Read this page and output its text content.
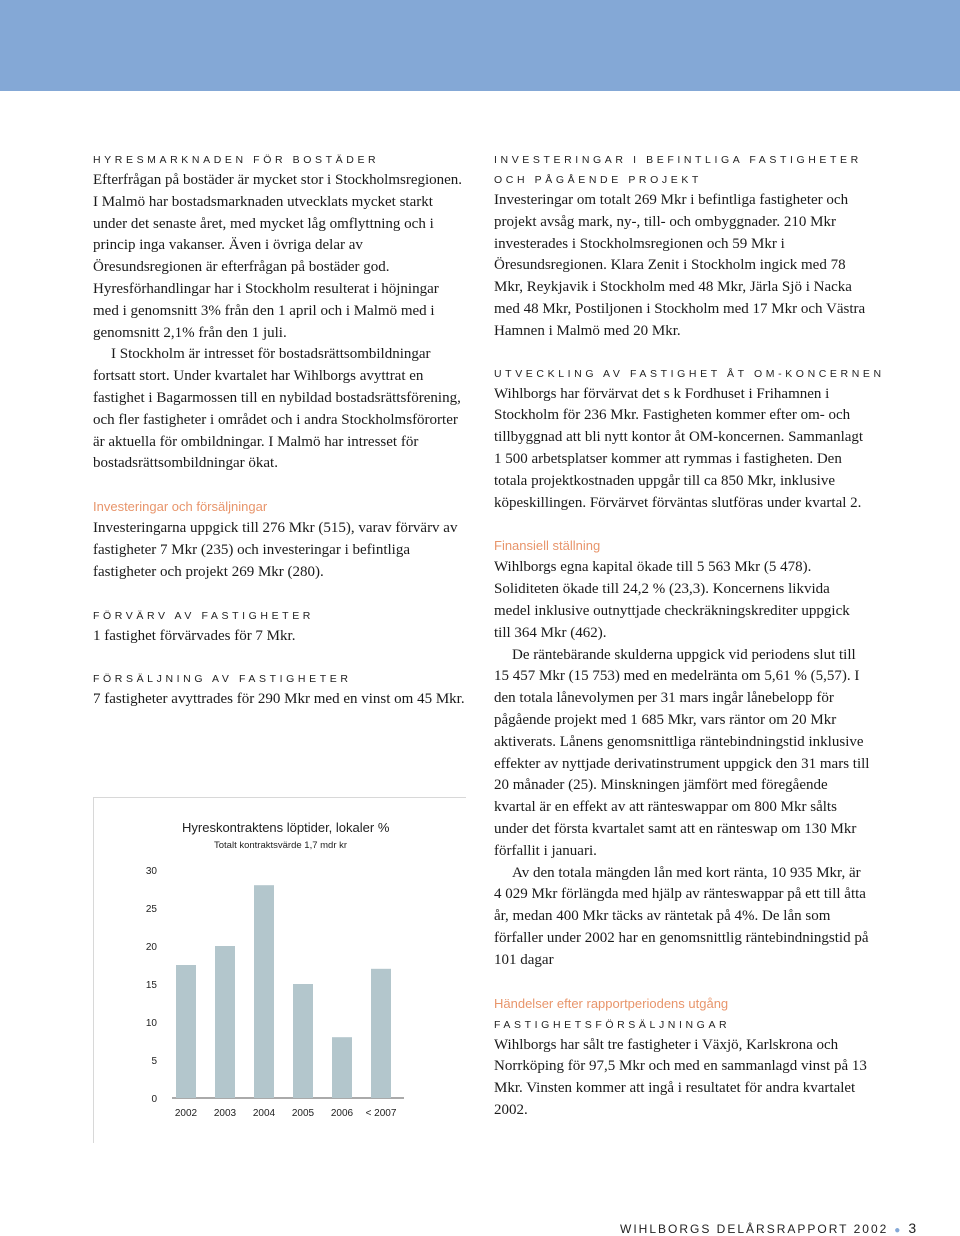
HYRESMARKNADEN FÖR BOSTÄDER

Efterfrågan på bostäder är mycket stor i Stockholmsregionen. I Malmö har bostadsmarknaden utvecklats mycket starkt under det senaste året, med mycket låg omflyttning och i princip inga vakanser. Även i övriga delar av Öresundsregionen är efterfrågan på bostäder god. Hyresförhandlingar har i Stockholm resulterat i höjningar med i genomsnitt 3% från den 1 april och i Malmö med i genomsnitt 2,1% från den 1 juli.

I Stockholm är intresset för bostadsrättsombildningar fortsatt stort. Under kvartalet har Wihlborgs avyttrat en fastighet i Bagarmossen till en nybildad bostadsrättsförening, och fler fastigheter i området och i andra Stockholmsförorter är aktuella för ombildningar. I Malmö har intresset för bostadsrättsombildningar ökat.

Investeringar och försäljningar

Investeringarna uppgick till 276 Mkr (515), varav förvärv av fastigheter 7 Mkr (235) och investeringar i befintliga fastigheter och projekt 269 Mkr (280).

FÖRVÄRV AV FASTIGHETER

1 fastighet förvärvades för 7 Mkr.

FÖRSÄLJNING AV FASTIGHETER

7 fastigheter avyttrades för 290 Mkr med en vinst om 45 Mkr.

Hyreskontraktens löptider, lokaler %
Totalt kontraktsvärde 1,7 mdr kr
0
5
10
15
20
25
30
2002 2003 2004 2005 2006 < 2007
INVESTERINGAR I BEFINTLIGA FASTIGHETER
OCH PÅGÅENDE PROJEKT

Investeringar om totalt 269 Mkr i befintliga fastigheter och projekt avsåg mark, ny-, till- och ombyggnader. 210 Mkr investerades i Stockholmsregionen och 59 Mkr i Öresundsregionen. Klara Zenit i Stockholm ingick med 78 Mkr, Reykjavik i Stockholm med 48 Mkr, Järla Sjö i Nacka med 48 Mkr, Postiljonen i Stockholm med 17 Mkr och Västra Hamnen i Malmö med 20 Mkr.

UTVECKLING AV FASTIGHET ÅT OM-KONCERNEN

Wihlborgs har förvärvat det s k Fordhuset i Frihamnen i Stockholm för 236 Mkr. Fastigheten kommer efter om- och tillbyggnad att bli nytt kontor åt OM-koncernen. Sammanlagt 1 500 arbetsplatser kommer att rymmas i fastigheten. Den totala projektkostnaden uppgår till ca 850 Mkr, inklusive köpeskillingen. Förvärvet förväntas slutföras under kvartal 2.

Finansiell ställning

Wihlborgs egna kapital ökade till 5 563 Mkr (5 478). Soliditeten ökade till 24,2 % (23,3). Koncernens likvida medel inklusive outnyttjade checkräkningskrediter uppgick till 364 Mkr (462).

De räntebärande skulderna uppgick vid periodens slut till 15 457 Mkr (15 753) med en medelränta om 5,61 % (5,57). I den totala lånevolymen per 31 mars ingår lånebelopp för pågående projekt med 1 685 Mkr, vars räntor om 20 Mkr aktiverats. Lånens genomsnittliga räntebindningstid inklusive effekter av nyttjade derivatinstrument uppgick den 31 mars till 20 månader (25). Minskningen jämfört med föregående kvartal är en effekt av att ränteswappar om 800 Mkr sålts under det första kvartalet samt att en ränteswap om 130 Mkr förfallit i januari.

Av den totala mängden lån med kort ränta, 10 935 Mkr, är 4 029 Mkr förlängda med hjälp av ränteswappar på ett till åtta år, medan 400 Mkr täcks av räntetak på 4%. De lån som förfaller under 2002 har en genomsnittlig räntebindningstid på 101 dagar

Händelser efter rapportperiodens utgång
FASTIGHETSFÖRSÄLJNINGAR

Wihlborgs har sålt tre fastigheter i Växjö, Karlskrona och Norrköping för 97,5 Mkr och med en sammanlagd vinst på 13 Mkr. Vinsten kommer att ingå i resultatet för andra kvartalet 2002.

WIHLBORGS DELÅRSRAPPORT 2002 ● 3
